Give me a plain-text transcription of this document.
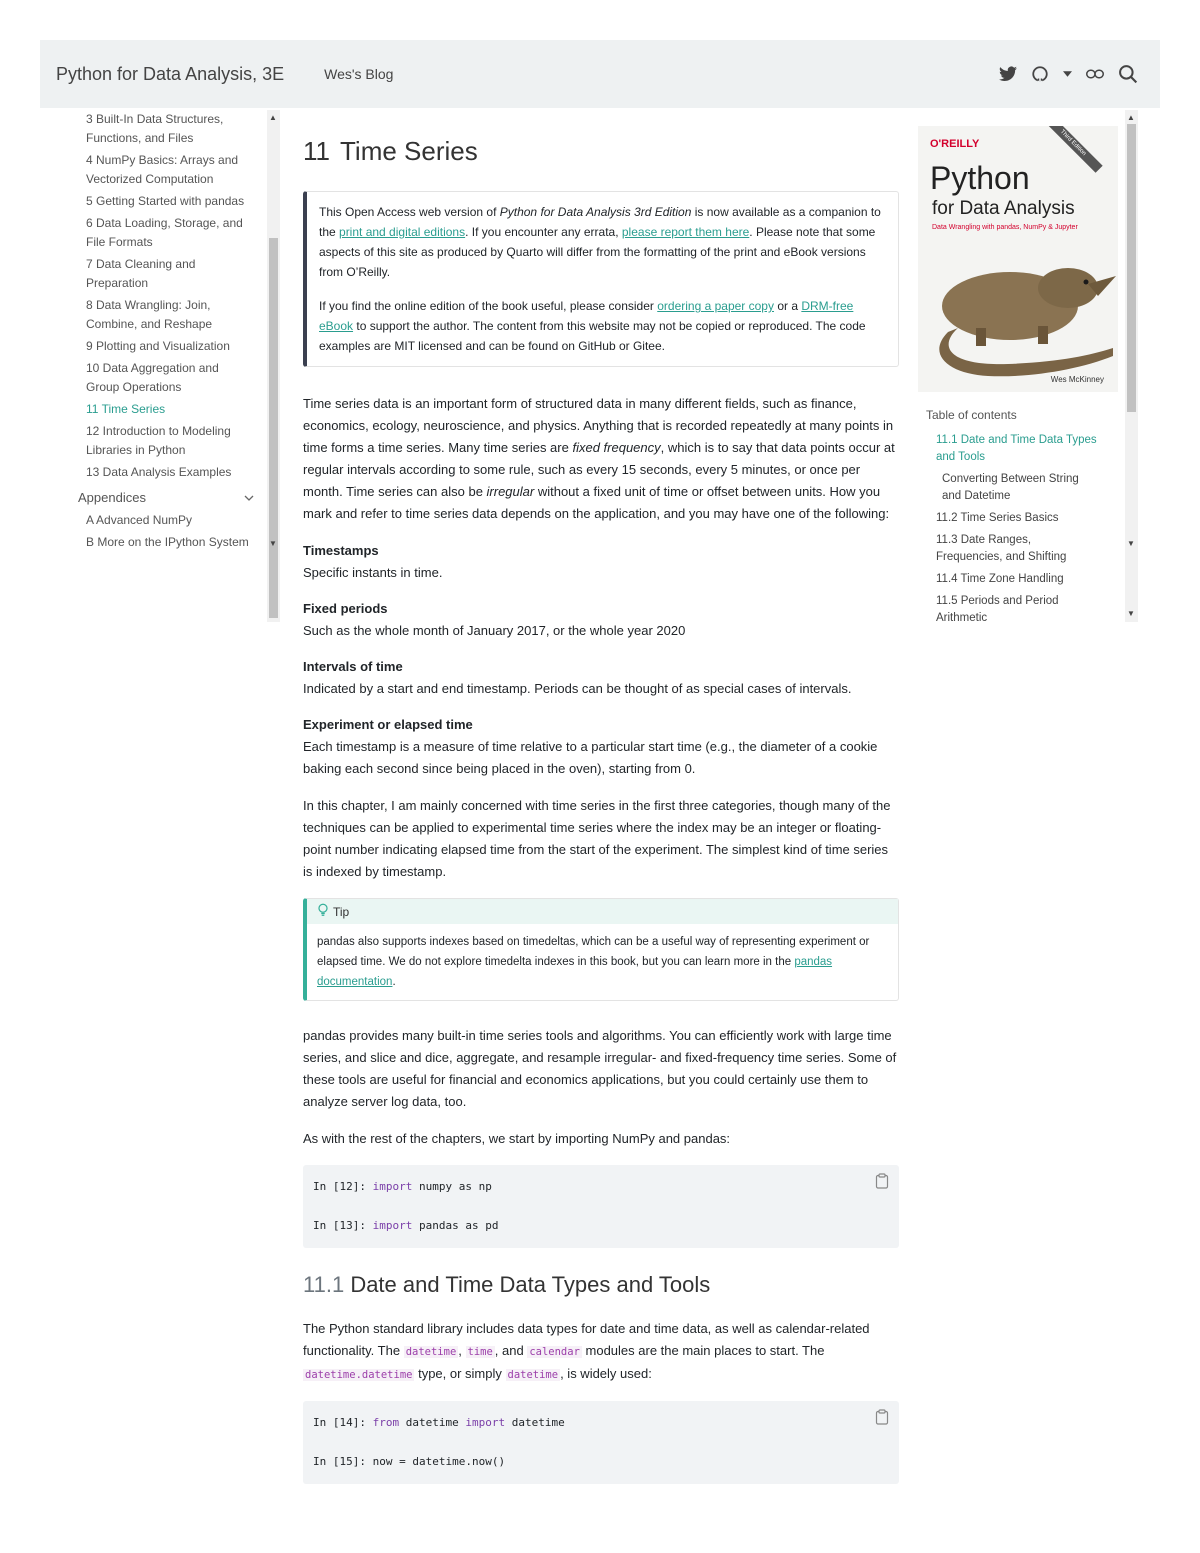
Python for Data Analysis, 3E	Wes's Blog
3 Built-In Data Structures, Functions, and Files
4 NumPy Basics: Arrays and Vectorized Computation
5 Getting Started with pandas
6 Data Loading, Storage, and File Formats
7 Data Cleaning and Preparation
8 Data Wrangling: Join, Combine, and Reshape
9 Plotting and Visualization
10 Data Aggregation and Group Operations
11 Time Series
12 Introduction to Modeling Libraries in Python
13 Data Analysis Examples
Appendices
A Advanced NumPy
B More on the IPython System
▲
▼
11 Time Series

This Open Access web version of Python for Data Analysis 3rd Edition is now available as a companion to the print and digital editions. If you encounter any errata, please report them here. Please note that some aspects of this site as produced by Quarto will differ from the formatting of the print and eBook versions from O’Reilly.

If you find the online edition of the book useful, please consider ordering a paper copy or a DRM-free eBook to support the author. The content from this website may not be copied or reproduced. The code examples are MIT licensed and can be found on GitHub or Gitee.

Time series data is an important form of structured data in many different fields, such as finance, economics, ecology, neuroscience, and physics. Anything that is recorded repeatedly at many points in time forms a time series. Many time series are fixed frequency, which is to say that data points occur at regular intervals according to some rule, such as every 15 seconds, every 5 minutes, or once per month. Time series can also be irregular without a fixed unit of time or offset between units. How you mark and refer to time series data depends on the application, and you may have one of the following:

Timestamps
Specific instants in time.
Fixed periods
Such as the whole month of January 2017, or the whole year 2020
Intervals of time
Indicated by a start and end timestamp. Periods can be thought of as special cases of intervals.
Experiment or elapsed time
Each timestamp is a measure of time relative to a particular start time (e.g., the diameter of a cookie baking each second since being placed in the oven), starting from 0.

In this chapter, I am mainly concerned with time series in the first three categories, though many of the techniques can be applied to experimental time series where the index may be an integer or floating-point number indicating elapsed time from the start of the experiment. The simplest kind of time series is indexed by timestamp.

Tip
pandas also supports indexes based on timedeltas, which can be a useful way of representing experiment or elapsed time. We do not explore timedelta indexes in this book, but you can learn more in the pandas documentation.

pandas provides many built-in time series tools and algorithms. You can efficiently work with large time series, and slice and dice, aggregate, and resample irregular- and fixed-frequency time series. Some of these tools are useful for financial and economics applications, but you could certainly use them to analyze server log data, too.

As with the rest of the chapters, we start by importing NumPy and pandas:

In [12]: import numpy as np
In [13]: import pandas as pd
11.1 Date and Time Data Types and Tools

The Python standard library includes data types for date and time data, as well as calendar-related functionality. The datetime , time , and calendar modules are the main places to start. The datetime.datetime type, or simply datetime , is widely used:

In [14]: from datetime import datetime
In [15]: now = datetime.now()
O'REILLY	Third Edition
Python
for Data Analysis
Data Wrangling with pandas, NumPy & Jupyter
Wes McKinney
Table of contents
11.1 Date and Time Data Types and Tools
Converting Between String and Datetime
11.2 Time Series Basics
11.3 Date Ranges, Frequencies, and Shifting
11.4 Time Zone Handling
11.5 Periods and Period Arithmetic
▲
▼
▼
